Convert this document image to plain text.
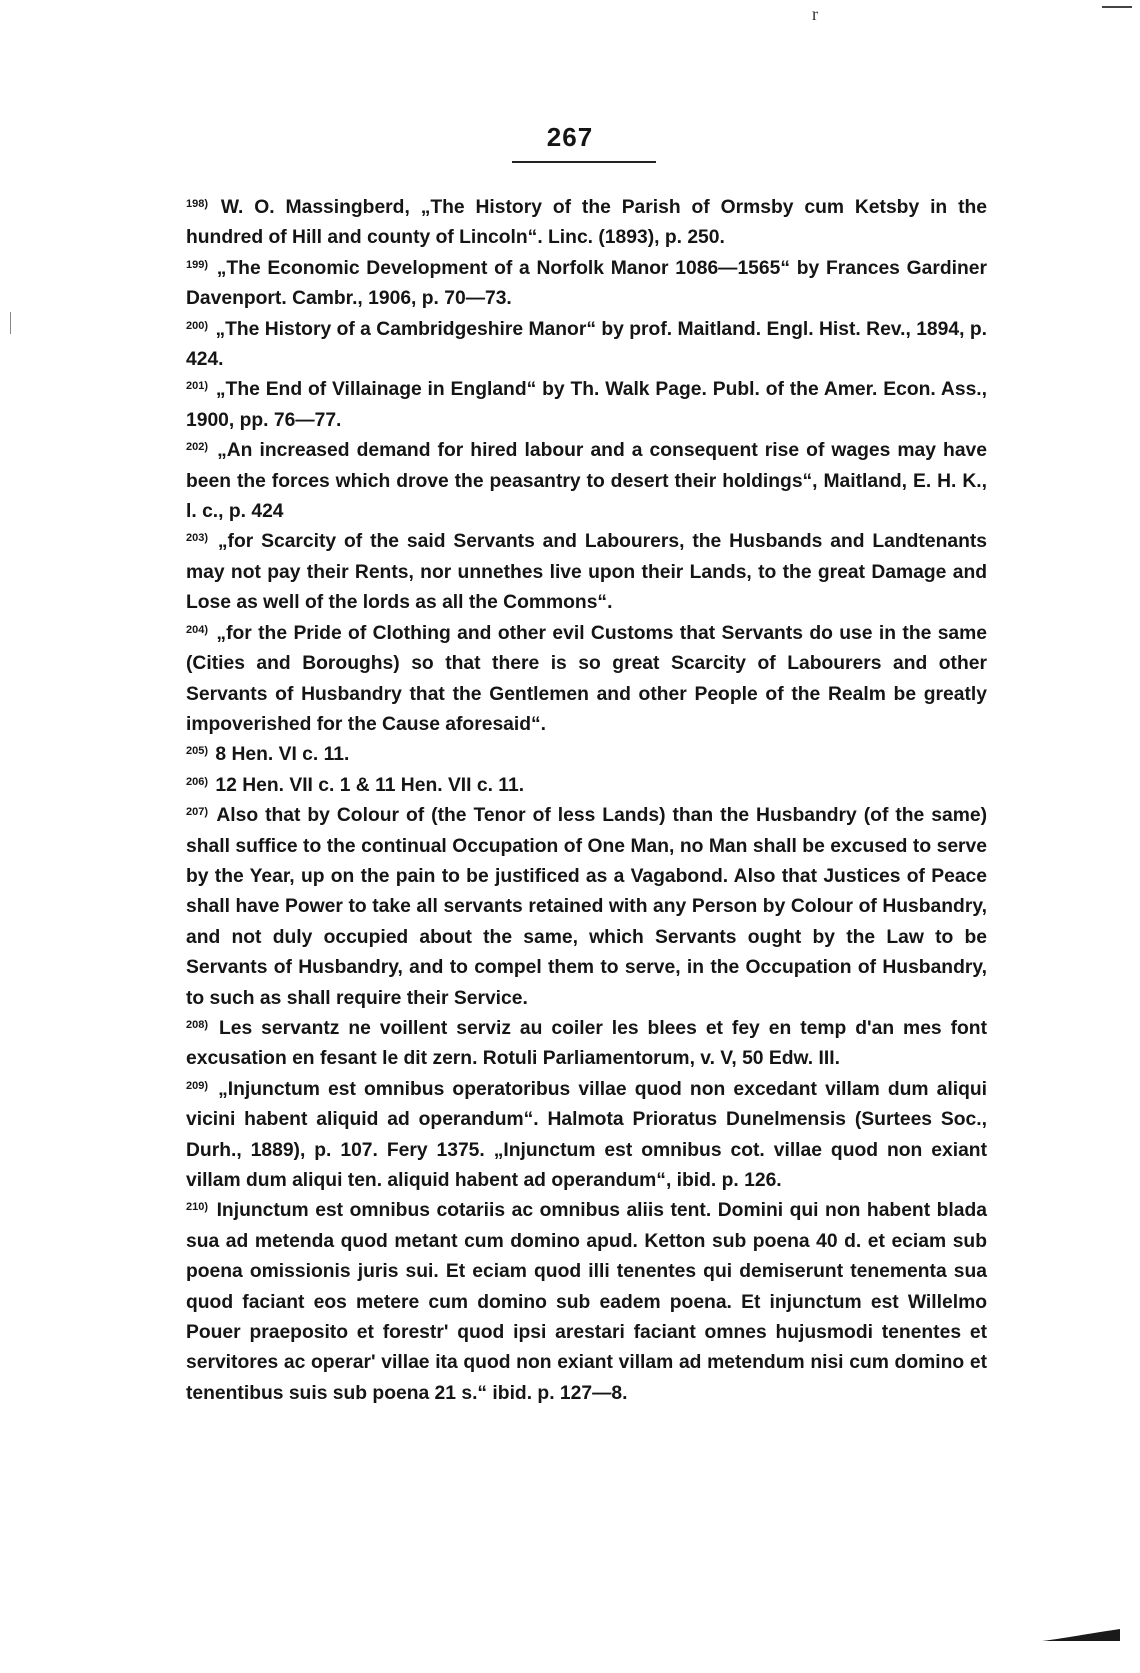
r
267

$^{198)}$ W. O. Massingberd, „The History of the Parish of Ormsby cum Ketsby in the hundred of Hill and county of Lincoln“. Linc. (1893), p. 250.

$^{199)}$ „The Economic Development of a Norfolk Manor 1086—1565“ by Frances Gardiner Davenport. Cambr., 1906, p. 70—73.

$^{200)}$ „The History of a Cambridgeshire Manor“ by prof. Maitland. Engl. Hist. Rev., 1894, p. 424.

$^{201)}$ „The End of Villainage in England“ by Th. Walk Page. Publ. of the Amer. Econ. Ass., 1900, pp. 76—77.

$^{202)}$ „An increased demand for hired labour and a consequent rise of wages may have been the forces which drove the peasantry to desert their holdings“, Maitland, E. H. K., l. c., p. 424

$^{203)}$ „for Scarcity of the said Servants and Labourers, the Husbands and Landtenants may not pay their Rents, nor unnethes live upon their Lands, to the great Damage and Lose as well of the lords as all the Commons“.

$^{204)}$ „for the Pride of Clothing and other evil Customs that Servants do use in the same (Cities and Boroughs) so that there is so great Scarcity of Labourers and other Servants of Husbandry that the Gentlemen and other People of the Realm be greatly impoverished for the Cause aforesaid“.

$^{205)}$ 8 Hen. VI c. 11.

$^{206)}$ 12 Hen. VII c. 1 & 11 Hen. VII c. 11.

$^{207)}$ Also that by Colour of (the Tenor of less Lands) than the Husbandry (of the same) shall suffice to the continual Occupation of One Man, no Man shall be excused to serve by the Year, up on the pain to be justificed as a Vagabond. Also that Justices of Peace shall have Power to take all servants retained with any Person by Colour of Husbandry, and not duly occupied about the same, which Servants ought by the Law to be Servants of Husbandry, and to compel them to serve, in the Occupation of Husbandry, to such as shall require their Service.

$^{208)}$ Les servantz ne voillent serviz au coiler les blees et fey en temp d'an mes font excusation en fesant le dit zern. Rotuli Parliamentorum, v. V, 50 Edw. III.

$^{209)}$ „Injunctum est omnibus operatoribus villae quod non excedant villam dum aliqui vicini habent aliquid ad operandum“. Halmota Prioratus Dunelmensis (Surtees Soc., Durh., 1889), p. 107. Fery 1375. „Injunctum est omnibus cot. villae quod non exiant villam dum aliqui ten. aliquid habent ad operandum“, ibid. p. 126.

$^{210)}$ Injunctum est omnibus cotariis ac omnibus aliis tent. Domini qui non habent blada sua ad metenda quod metant cum domino apud. Ketton sub poena 40 d. et eciam sub poena omissionis juris sui. Et eciam quod illi tenentes qui demiserunt tenementa sua quod faciant eos metere cum domino sub eadem poena. Et injunctum est Willelmo Pouer praeposito et forestr' quod ipsi arestari faciant omnes hujusmodi tenentes et servitores ac operar' villae ita quod non exiant villam ad metendum nisi cum domino et tenentibus suis sub poena 21 s.“ ibid. p. 127—8.
